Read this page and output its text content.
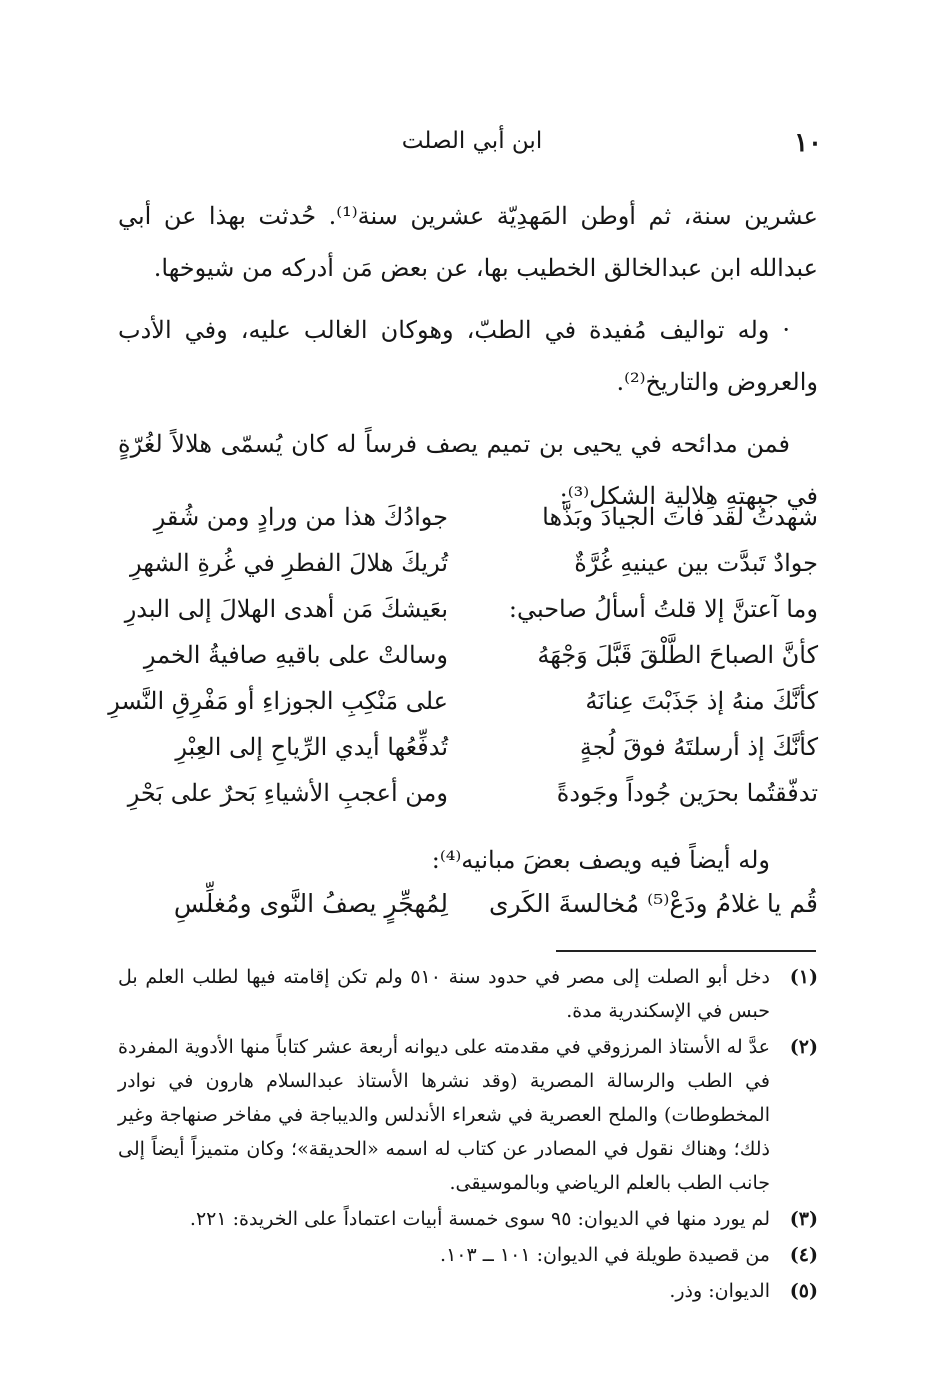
١٠
ابن أبي الصلت

عشرين سنة، ثم أوطن المَهدِيّة عشرين سنة⁽¹⁾. حُدثت بهذا عن أبي عبدالله ابن عبدالخالق الخطيب بها، عن بعض مَن أدركه من شيوخها.

· وله تواليف مُفيدة في الطبّ، وهوكان الغالب عليه، وفي الأدب والعروض والتاريخ⁽²⁾.

فمن مدائحه في يحيى بن تميم يصف فرساً له كان يُسمّى هلالاً لغُرّةٍ في جبهتهِ هِلالية الشكل⁽³⁾:

شهدتُ لقد فاتَ الجيادَ وبَذَّها
جوادُكَ هذا من ورادٍ ومن شُقرِ
جوادٌ تَبدَّت بين عينيهِ غُرَّةٌ
تُريكَ هلالَ الفطرِ في غُرةِ الشهرِ
وما آعتنَّ إلا قلتُ أسألُ صاحبي:
بعَيشكَ مَن أهدى الهلالَ إلى البدرِ
كأنَّ الصباحَ الطَّلْقَ قَبَّلَ وَجْهَهُ
وسالتْ على باقيهِ صافيةُ الخمرِ
كأنَّكَ منهُ إذ جَذَبْتَ عِنانَهُ
على مَنْكِبِ الجوزاءِ أو مَفْرِقِ النَّسرِ
كأنَّكَ إذ أرسلتَهُ فوقَ لُجةٍ
تُدفِّعُها أيدي الرِّياحِ إلى العِبْرِ
تدفّقتُما بحرَين جُوداً وجَودةً
ومن أعجبِ الأشياءِ بَحرٌ على بَحْرِ
وله أيضاً فيه ويصف بعضَ مبانيه⁽⁴⁾:
قُم يا غلامُ ودَعْ⁽⁵⁾ مُخالسةَ الكَرى
لِمُهجِّرٍ يصفُ النَّوى ومُغلِّسِ
(١)
دخل أبو الصلت إلى مصر في حدود سنة ٥١٠ ولم تكن إقامته فيها لطلب العلم بل حبس في الإسكندرية مدة.
(٢)
عدَّ له الأستاذ المرزوقي في مقدمته على ديوانه أربعة عشر كتاباً منها الأدوية المفردة في الطب والرسالة المصرية (وقد نشرها الأستاذ عبدالسلام هارون في نوادر المخطوطات) والملح العصرية في شعراء الأندلس والديباجة في مفاخر صنهاجة وغير ذلك؛ وهناك نقول في المصادر عن كتاب له اسمه «الحديقة»؛ وكان متميزاً أيضاً إلى جانب الطب بالعلم الرياضي وبالموسيقى.
(٣)
لم يورد منها في الديوان: ٩٥ سوى خمسة أبيات اعتماداً على الخريدة: ٢٢١.
(٤)
من قصيدة طويلة في الديوان: ١٠١ ــ ١٠٣.
(٥)
الديوان: وذر.
